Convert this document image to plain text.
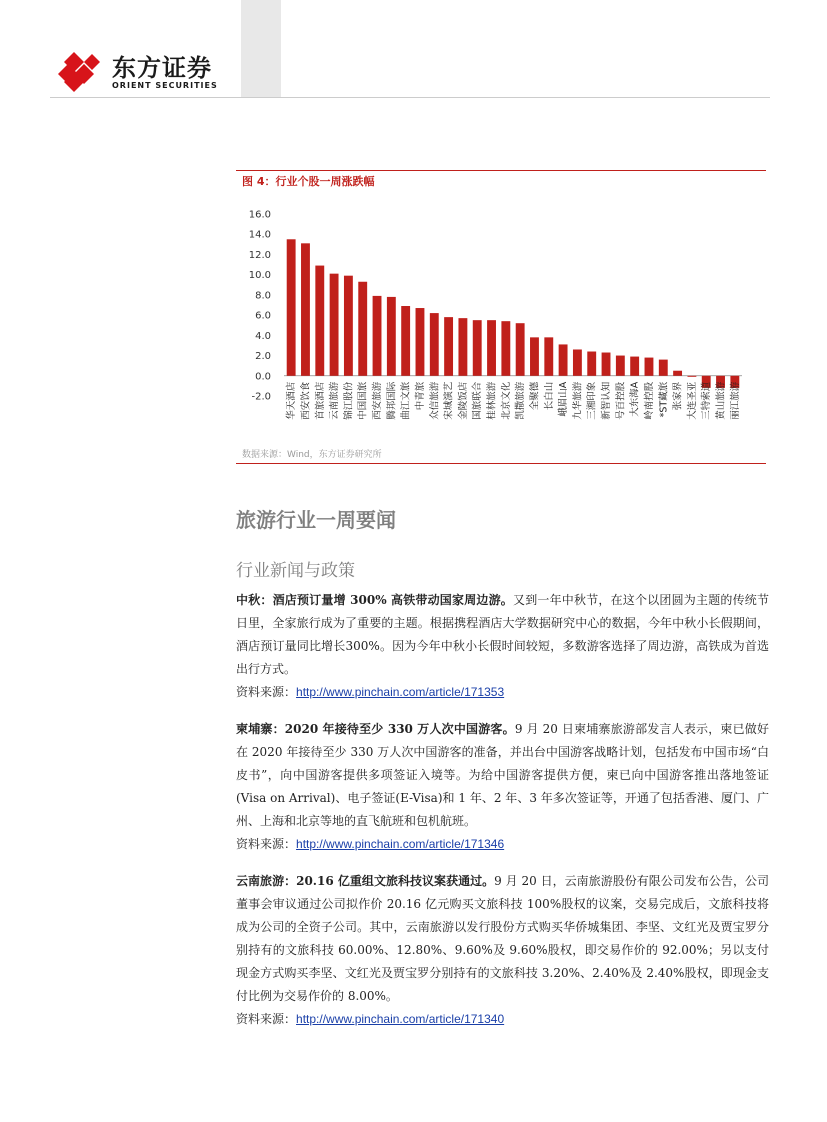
东方证券
ORIENT SECURITIES
图 4：行业个股一周涨跌幅
16.0
14.0
12.0
10.0
8.0
6.0
4.0
2.0
0.0
-2.0 华天酒店 西安饮食 首旅酒店 云南旅游 锦江股份 中国国旅 西安旅游 腾邦国际 曲江文旅 中青旅 众信旅游 宋城演艺 金陵饭店 国旅联合 桂林旅游 北京文化 凯撒旅游 全聚德 长白山 峨眉山A 九华旅游 三湘印象 新智认知 号百控股 大东海A 岭南控股 *ST藏旅 张家界 大连圣亚 三特索道 黄山旅游 丽江旅游
数据来源：Wind，东方证券研究所
旅游行业一周要闻
行业新闻与政策
中秋：酒店预订量增 300% 高铁带动国家周边游。又到一年中秋节，在这个以团圆为主题的传统节日里，全家旅行成为了重要的主题。根据携程酒店大学数据研究中心的数据，今年中秋小长假期间，酒店预订量同比增长300%。因为今年中秋小长假时间较短，多数游客选择了周边游，高铁成为首选出行方式。
资料来源：http://www.pinchain.com/article/171353
柬埔寨：2020 年接待至少 330 万人次中国游客。9 月 20 日柬埔寨旅游部发言人表示，柬已做好在 2020 年接待至少 330 万人次中国游客的准备，并出台中国游客战略计划，包括发布中国市场“白皮书”，向中国游客提供多项签证入境等。为给中国游客提供方便，柬已向中国游客推出落地签证(Visa on Arrival)、电子签证(E-Visa)和 1 年、2 年、3 年多次签证等，开通了包括香港、厦门、广州、上海和北京等地的直飞航班和包机航班。
资料来源：http://www.pinchain.com/article/171346
云南旅游：20.16 亿重组文旅科技议案获通过。9 月 20 日，云南旅游股份有限公司发布公告，公司董事会审议通过公司拟作价 20.16 亿元购买文旅科技 100%股权的议案，交易完成后，文旅科技将成为公司的全资子公司。其中，云南旅游以发行股份方式购买华侨城集团、李坚、文红光及贾宝罗分别持有的文旅科技 60.00%、12.80%、9.60%及 9.60%股权，即交易作价的 92.00%；另以支付现金方式购买李坚、文红光及贾宝罗分别持有的文旅科技 3.20%、2.40%及 2.40%股权，即现金支付比例为交易作价的 8.00%。
资料来源：http://www.pinchain.com/article/171340
